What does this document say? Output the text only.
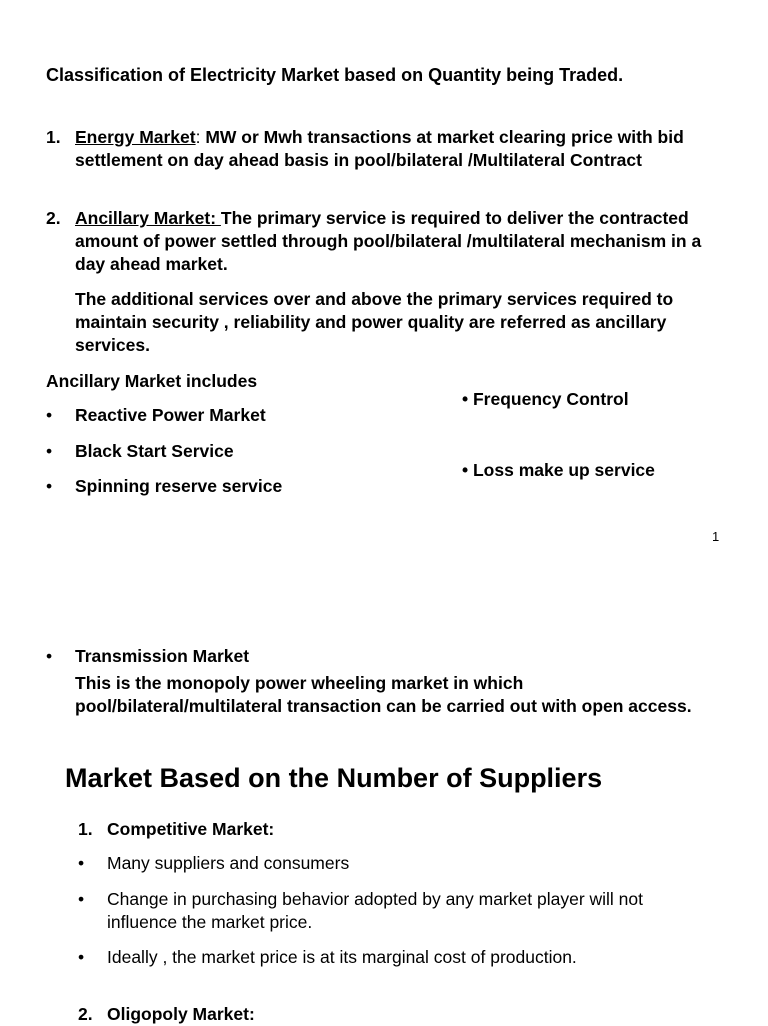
Classification of Electricity Market based on Quantity being Traded.
1. Energy Market: MW or Mwh transactions at market clearing price with bid settlement on day ahead basis in pool/bilateral /Multilateral Contract
2. Ancillary Market: The primary service is required to deliver the contracted amount of power settled through pool/bilateral /multilateral mechanism in a day ahead market.
The additional services over and above the primary services required to maintain security , reliability and power quality are referred as ancillary services.
Ancillary Market includes
• Reactive Power Market
• Black Start Service
• Spinning reserve service
• Frequency Control
• Loss make up service
1
• Transmission Market
This is the monopoly power wheeling market in which pool/bilateral/multilateral transaction can be carried out with open access.
Market Based on the Number of Suppliers
1. Competitive Market:
• Many suppliers and consumers
• Change in purchasing behavior adopted by any market player will not influence the market price.
• Ideally , the market price is at its marginal cost of production.
2. Oligopoly Market:
